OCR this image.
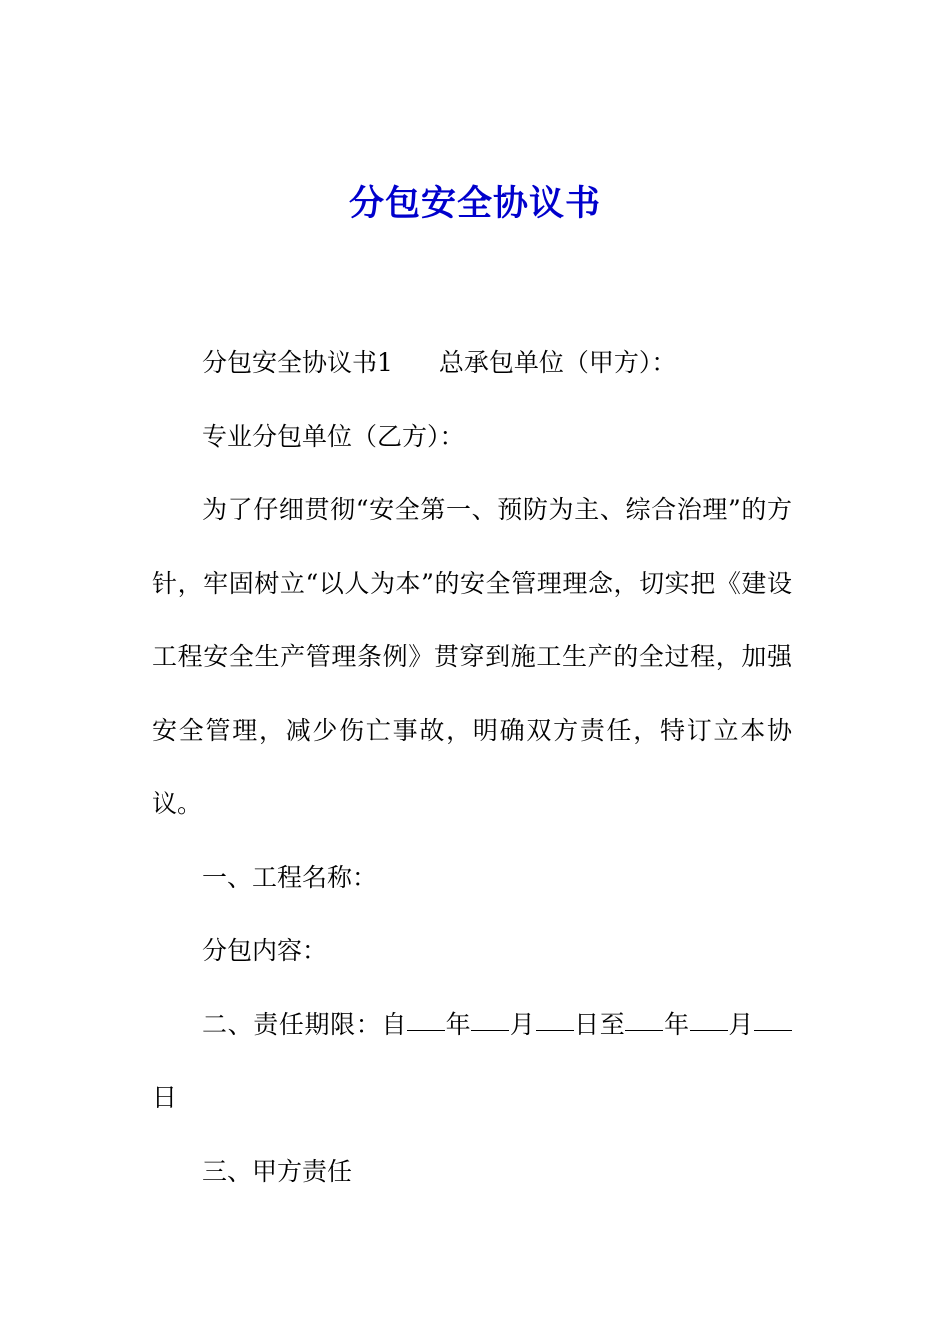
分包安全协议书

分包安全协议书1 总承包单位（甲方）：

专业分包单位（乙方）：

为了仔细贯彻“安全第一、预防为主、综合治理”的方针，牢固树立“以人为本”的安全管理理念，切实把《建设工程安全生产管理条例》贯穿到施工生产的全过程，加强安全管理，减少伤亡事故，明确双方责任，特订立本协议。

一、工程名称：

分包内容：

二、责任期限：自 年 月 日至 年 月日

三、甲方责任
